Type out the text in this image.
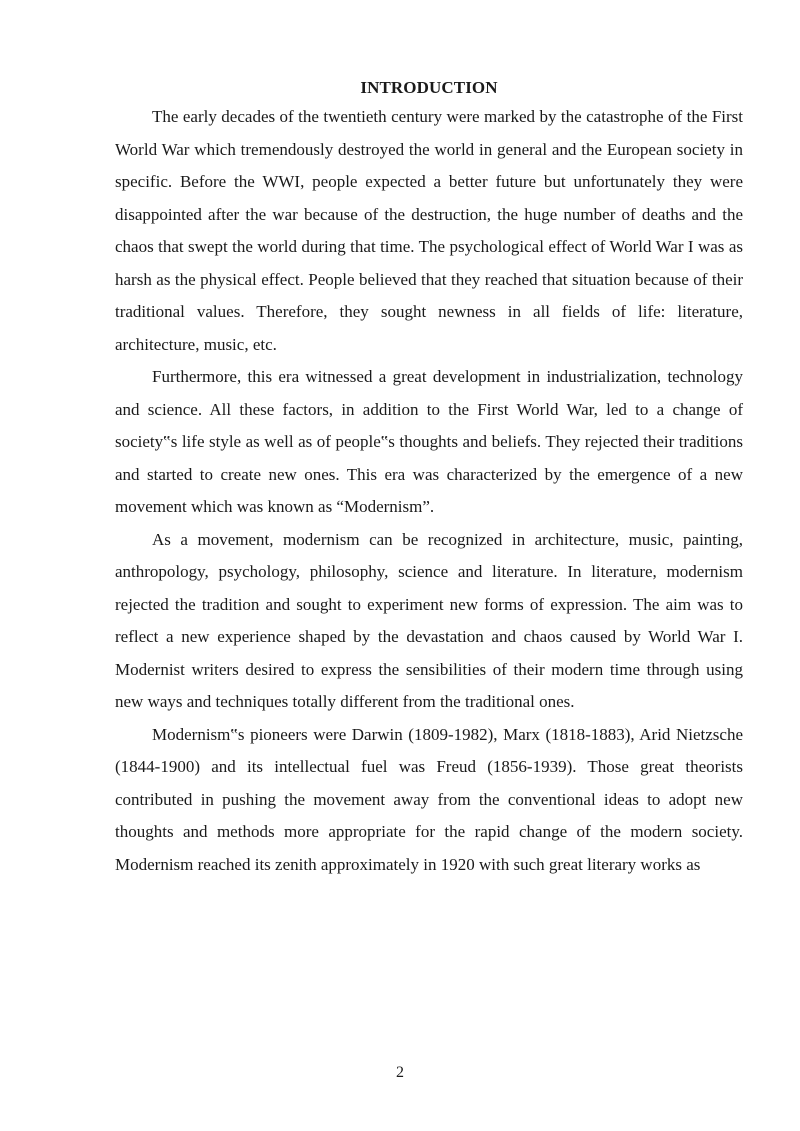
INTRODUCTION

The early decades of the twentieth century were marked by the catastrophe of the First World War which tremendously destroyed the world in general and the European society in specific. Before the WWI, people expected a better future but unfortunately they were disappointed after the war because of the destruction, the huge number of deaths and the chaos that swept the world during that time. The psychological effect of World War I was as harsh as the physical effect. People believed that they reached that situation because of their traditional values. Therefore, they sought newness in all fields of life: literature, architecture, music, etc.

Furthermore, this era witnessed a great development in industrialization, technology and science. All these factors, in addition to the First World War, led to a change of society‟s life style as well as of people‟s thoughts and beliefs. They rejected their traditions and started to create new ones. This era was characterized by the emergence of a new movement which was known as “Modernism”.

As a movement, modernism can be recognized in architecture, music, painting, anthropology, psychology, philosophy, science and literature. In literature, modernism rejected the tradition and sought to experiment new forms of expression. The aim was to reflect a new experience shaped by the devastation and chaos caused by World War I. Modernist writers desired to express the sensibilities of their modern time through using new ways and techniques totally different from the traditional ones.

Modernism‟s pioneers were Darwin (1809-1982), Marx (1818-1883), Arid Nietzsche (1844-1900) and its intellectual fuel was Freud (1856-1939). Those great theorists contributed in pushing the movement away from the conventional ideas to adopt new thoughts and methods more appropriate for the rapid change of the modern society. Modernism reached its zenith approximately in 1920 with such great literary works as

2
